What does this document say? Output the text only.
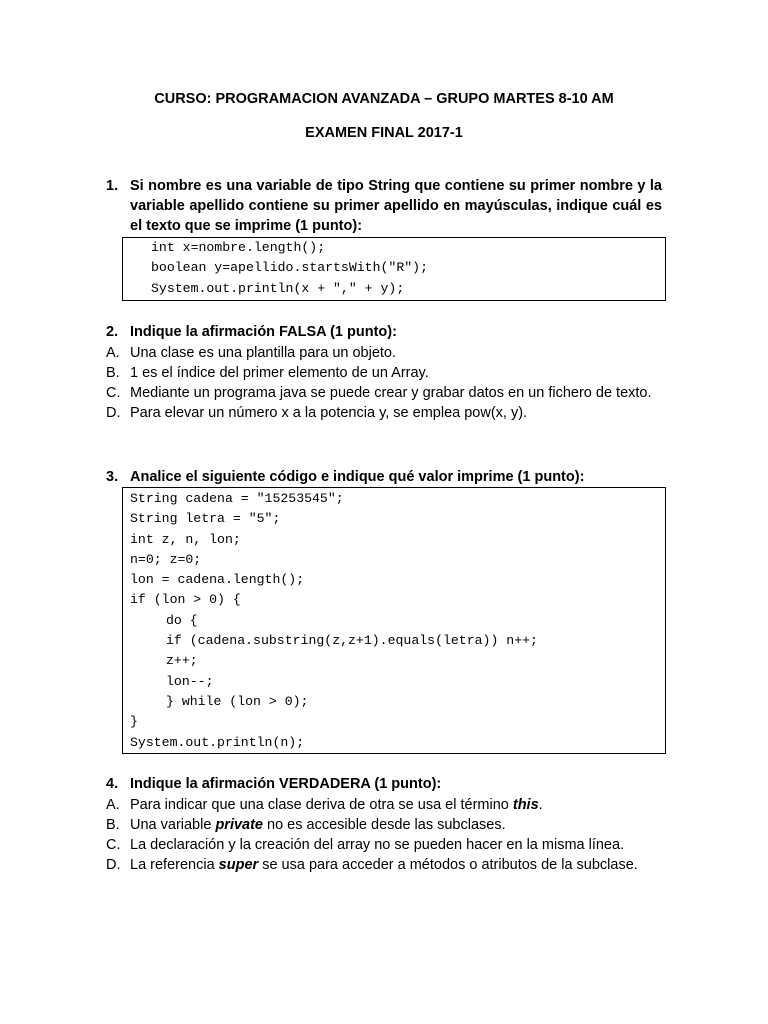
CURSO: PROGRAMACION AVANZADA – GRUPO MARTES 8-10 AM
EXAMEN FINAL 2017-1
1. Si nombre es una variable de tipo String que contiene su primer nombre y la variable apellido contiene su primer apellido en mayúsculas, indique cuál es el texto que se imprime (1 punto):
int x=nombre.length();
boolean y=apellido.startsWith("R");
System.out.println(x + "," + y);
2. Indique la afirmación FALSA (1 punto):
A. Una clase es una plantilla para un objeto.
B. 1 es el índice del primer elemento de un Array.
C. Mediante un programa java se puede crear y grabar datos en un fichero de texto.
D. Para elevar un número x a la potencia y, se emplea pow(x, y).
3. Analice el siguiente código e indique qué valor imprime (1 punto):
String cadena = "15253545";
String letra = "5";
int z, n, lon;
n=0; z=0;
lon = cadena.length();
if (lon > 0) {
do {
if (cadena.substring(z,z+1).equals(letra)) n++;
z++;
lon--;
} while (lon > 0);
}
System.out.println(n);
4. Indique la afirmación VERDADERA (1 punto):
A. Para indicar que una clase deriva de otra se usa el término this.
B. Una variable private no es accesible desde las subclases.
C. La declaración y la creación del array no se pueden hacer en la misma línea.
D. La referencia super se usa para acceder a métodos o atributos de la subclase.
